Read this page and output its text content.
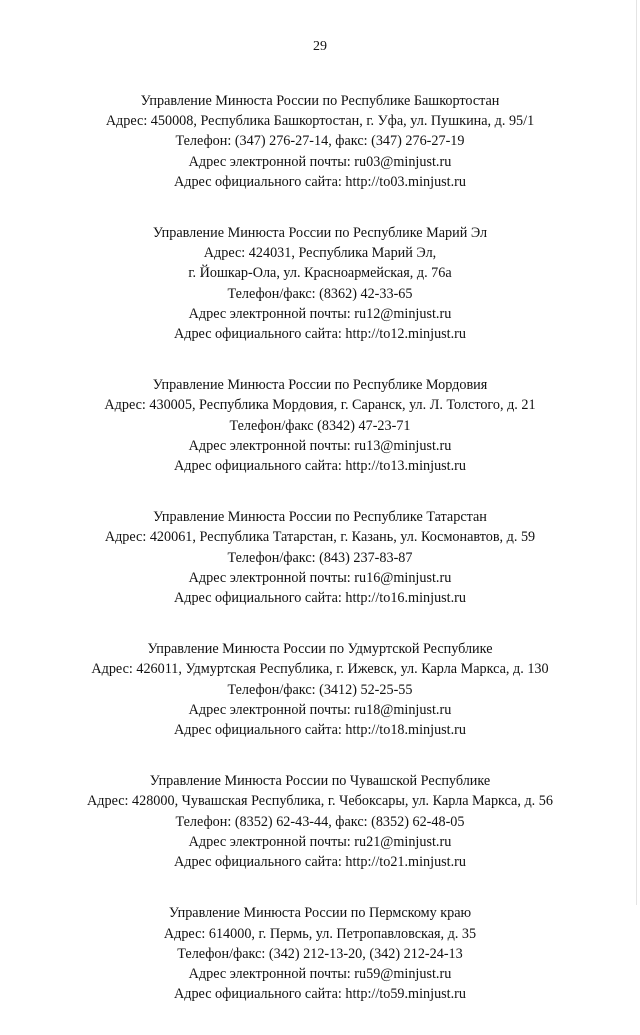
29
Управление Минюста России по Республике Башкортостан
Адрес: 450008, Республика Башкортостан, г. Уфа, ул. Пушкина, д. 95/1
Телефон: (347) 276-27-14, факс: (347) 276-27-19
Адрес электронной почты: ru03@minjust.ru
Адрес официального сайта: http://to03.minjust.ru
Управление Минюста России по Республике Марий Эл
Адрес: 424031, Республика Марий Эл,
г. Йошкар-Ола, ул. Красноармейская, д. 76а
Телефон/факс: (8362) 42-33-65
Адрес электронной почты: ru12@minjust.ru
Адрес официального сайта: http://to12.minjust.ru
Управление Минюста России по Республике Мордовия
Адрес: 430005, Республика Мордовия, г. Саранск, ул. Л. Толстого, д. 21
Телефон/факс (8342) 47-23-71
Адрес электронной почты: ru13@minjust.ru
Адрес официального сайта: http://to13.minjust.ru
Управление Минюста России по Республике Татарстан
Адрес: 420061, Республика Татарстан, г. Казань, ул. Космонавтов, д. 59
Телефон/факс: (843) 237-83-87
Адрес электронной почты: ru16@minjust.ru
Адрес официального сайта: http://to16.minjust.ru
Управление Минюста России по Удмуртской Республике
Адрес: 426011, Удмуртская Республика, г. Ижевск, ул. Карла Маркса, д. 130
Телефон/факс: (3412) 52-25-55
Адрес электронной почты: ru18@minjust.ru
Адрес официального сайта: http://to18.minjust.ru
Управление Минюста России по Чувашской Республике
Адрес: 428000, Чувашская Республика, г. Чебоксары, ул. Карла Маркса, д. 56
Телефон: (8352) 62-43-44, факс: (8352) 62-48-05
Адрес электронной почты: ru21@minjust.ru
Адрес официального сайта: http://to21.minjust.ru
Управление Минюста России по Пермскому краю
Адрес: 614000, г. Пермь, ул. Петропавловская, д. 35
Телефон/факс: (342) 212-13-20, (342) 212-24-13
Адрес электронной почты: ru59@minjust.ru
Адрес официального сайта: http://to59.minjust.ru
